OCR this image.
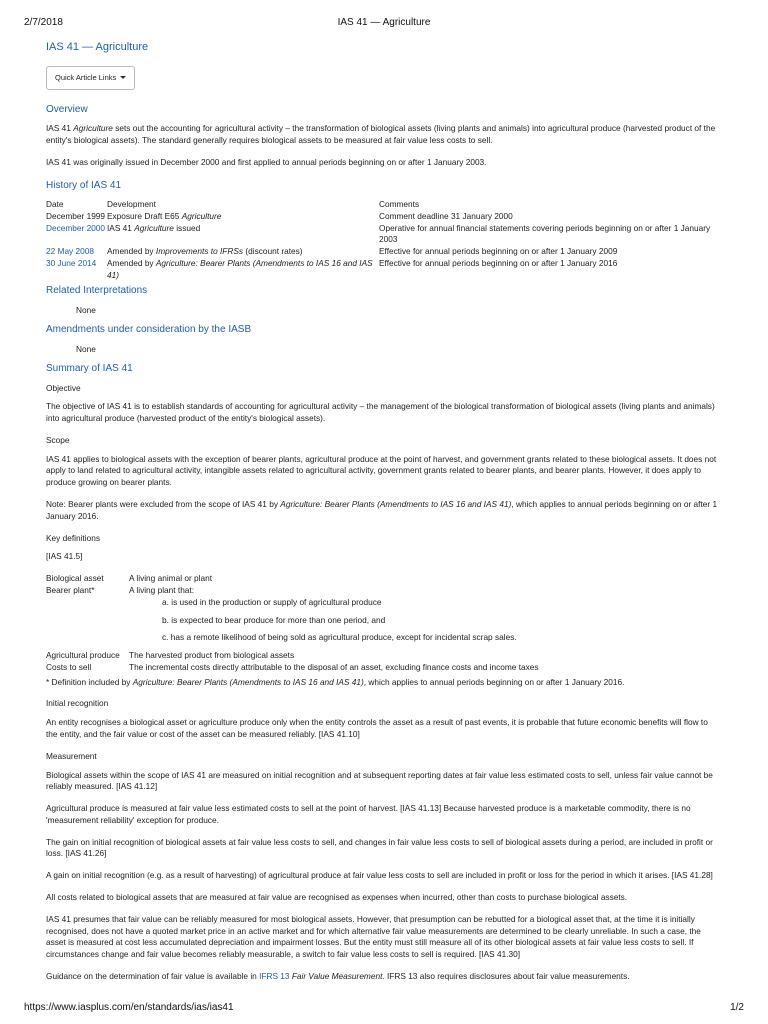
2/7/2018	IAS 41 — Agriculture
IAS 41 — Agriculture
Quick Article Links
Overview

IAS 41 Agriculture sets out the accounting for agricultural activity – the transformation of biological assets (living plants and animals) into agricultural produce (harvested product of the entity's biological assets). The standard generally requires biological assets to be measured at fair value less costs to sell.

IAS 41 was originally issued in December 2000 and first applied to annual periods beginning on or after 1 January 2003.

History of IAS 41
Date	Development	Comments
December 1999	Exposure Draft E65 Agriculture	Comment deadline 31 January 2000
December 2000	IAS 41 Agriculture issued	Operative for annual financial statements covering periods beginning on or after 1 January 2003
22 May 2008	Amended by Improvements to IFRSs (discount rates)	Effective for annual periods beginning on or after 1 January 2009
30 June 2014	Amended by Agriculture: Bearer Plants (Amendments to IAS 16 and IAS 41)	Effective for annual periods beginning on or after 1 January 2016
Related Interpretations
None
Amendments under consideration by the IASB
None
Summary of IAS 41
Objective

The objective of IAS 41 is to establish standards of accounting for agricultural activity – the management of the biological transformation of biological assets (living plants and animals) into agricultural produce (harvested product of the entity's biological assets).

Scope

IAS 41 applies to biological assets with the exception of bearer plants, agricultural produce at the point of harvest, and government grants related to these biological assets. It does not apply to land related to agricultural activity, intangible assets related to agricultural activity, government grants related to bearer plants, and bearer plants. However, it does apply to produce growing on bearer plants.

Note: Bearer plants were excluded from the scope of IAS 41 by Agriculture: Bearer Plants (Amendments to IAS 16 and IAS 41), which applies to annual periods beginning on or after 1 January 2016.

Key definitions

[IAS 41.5]

Biological asset	A living animal or plant
Bearer plant*	A living plant that:
a. is used in the production or supply of agricultural produce
b. is expected to bear produce for more than one period, and
c. has a remote likelihood of being sold as agricultural produce, except for incidental scrap sales.
Agricultural produce	The harvested product from biological assets
Costs to sell	The incremental costs directly attributable to the disposal of an asset, excluding finance costs and income taxes

* Definition included by Agriculture: Bearer Plants (Amendments to IAS 16 and IAS 41), which applies to annual periods beginning on or after 1 January 2016.

Initial recognition

An entity recognises a biological asset or agriculture produce only when the entity controls the asset as a result of past events, it is probable that future economic benefits will flow to the entity, and the fair value or cost of the asset can be measured reliably. [IAS 41.10]

Measurement

Biological assets within the scope of IAS 41 are measured on initial recognition and at subsequent reporting dates at fair value less estimated costs to sell, unless fair value cannot be reliably measured. [IAS 41.12]

Agricultural produce is measured at fair value less estimated costs to sell at the point of harvest. [IAS 41.13] Because harvested produce is a marketable commodity, there is no 'measurement reliability' exception for produce.

The gain on initial recognition of biological assets at fair value less costs to sell, and changes in fair value less costs to sell of biological assets during a period, are included in profit or loss. [IAS 41.26]

A gain on initial recognition (e.g. as a result of harvesting) of agricultural produce at fair value less costs to sell are included in profit or loss for the period in which it arises. [IAS 41.28]

All costs related to biological assets that are measured at fair value are recognised as expenses when incurred, other than costs to purchase biological assets.

IAS 41 presumes that fair value can be reliably measured for most biological assets. However, that presumption can be rebutted for a biological asset that, at the time it is initially recognised, does not have a quoted market price in an active market and for which alternative fair value measurements are determined to be clearly unreliable. In such a case, the asset is measured at cost less accumulated depreciation and impairment losses. But the entity must still measure all of its other biological assets at fair value less costs to sell. If circumstances change and fair value becomes reliably measurable, a switch to fair value less costs to sell is required. [IAS 41.30]

Guidance on the determination of fair value is available in IFRS 13 Fair Value Measurement. IFRS 13 also requires disclosures about fair value measurements.

https://www.iasplus.com/en/standards/ias/ias41	1/2
